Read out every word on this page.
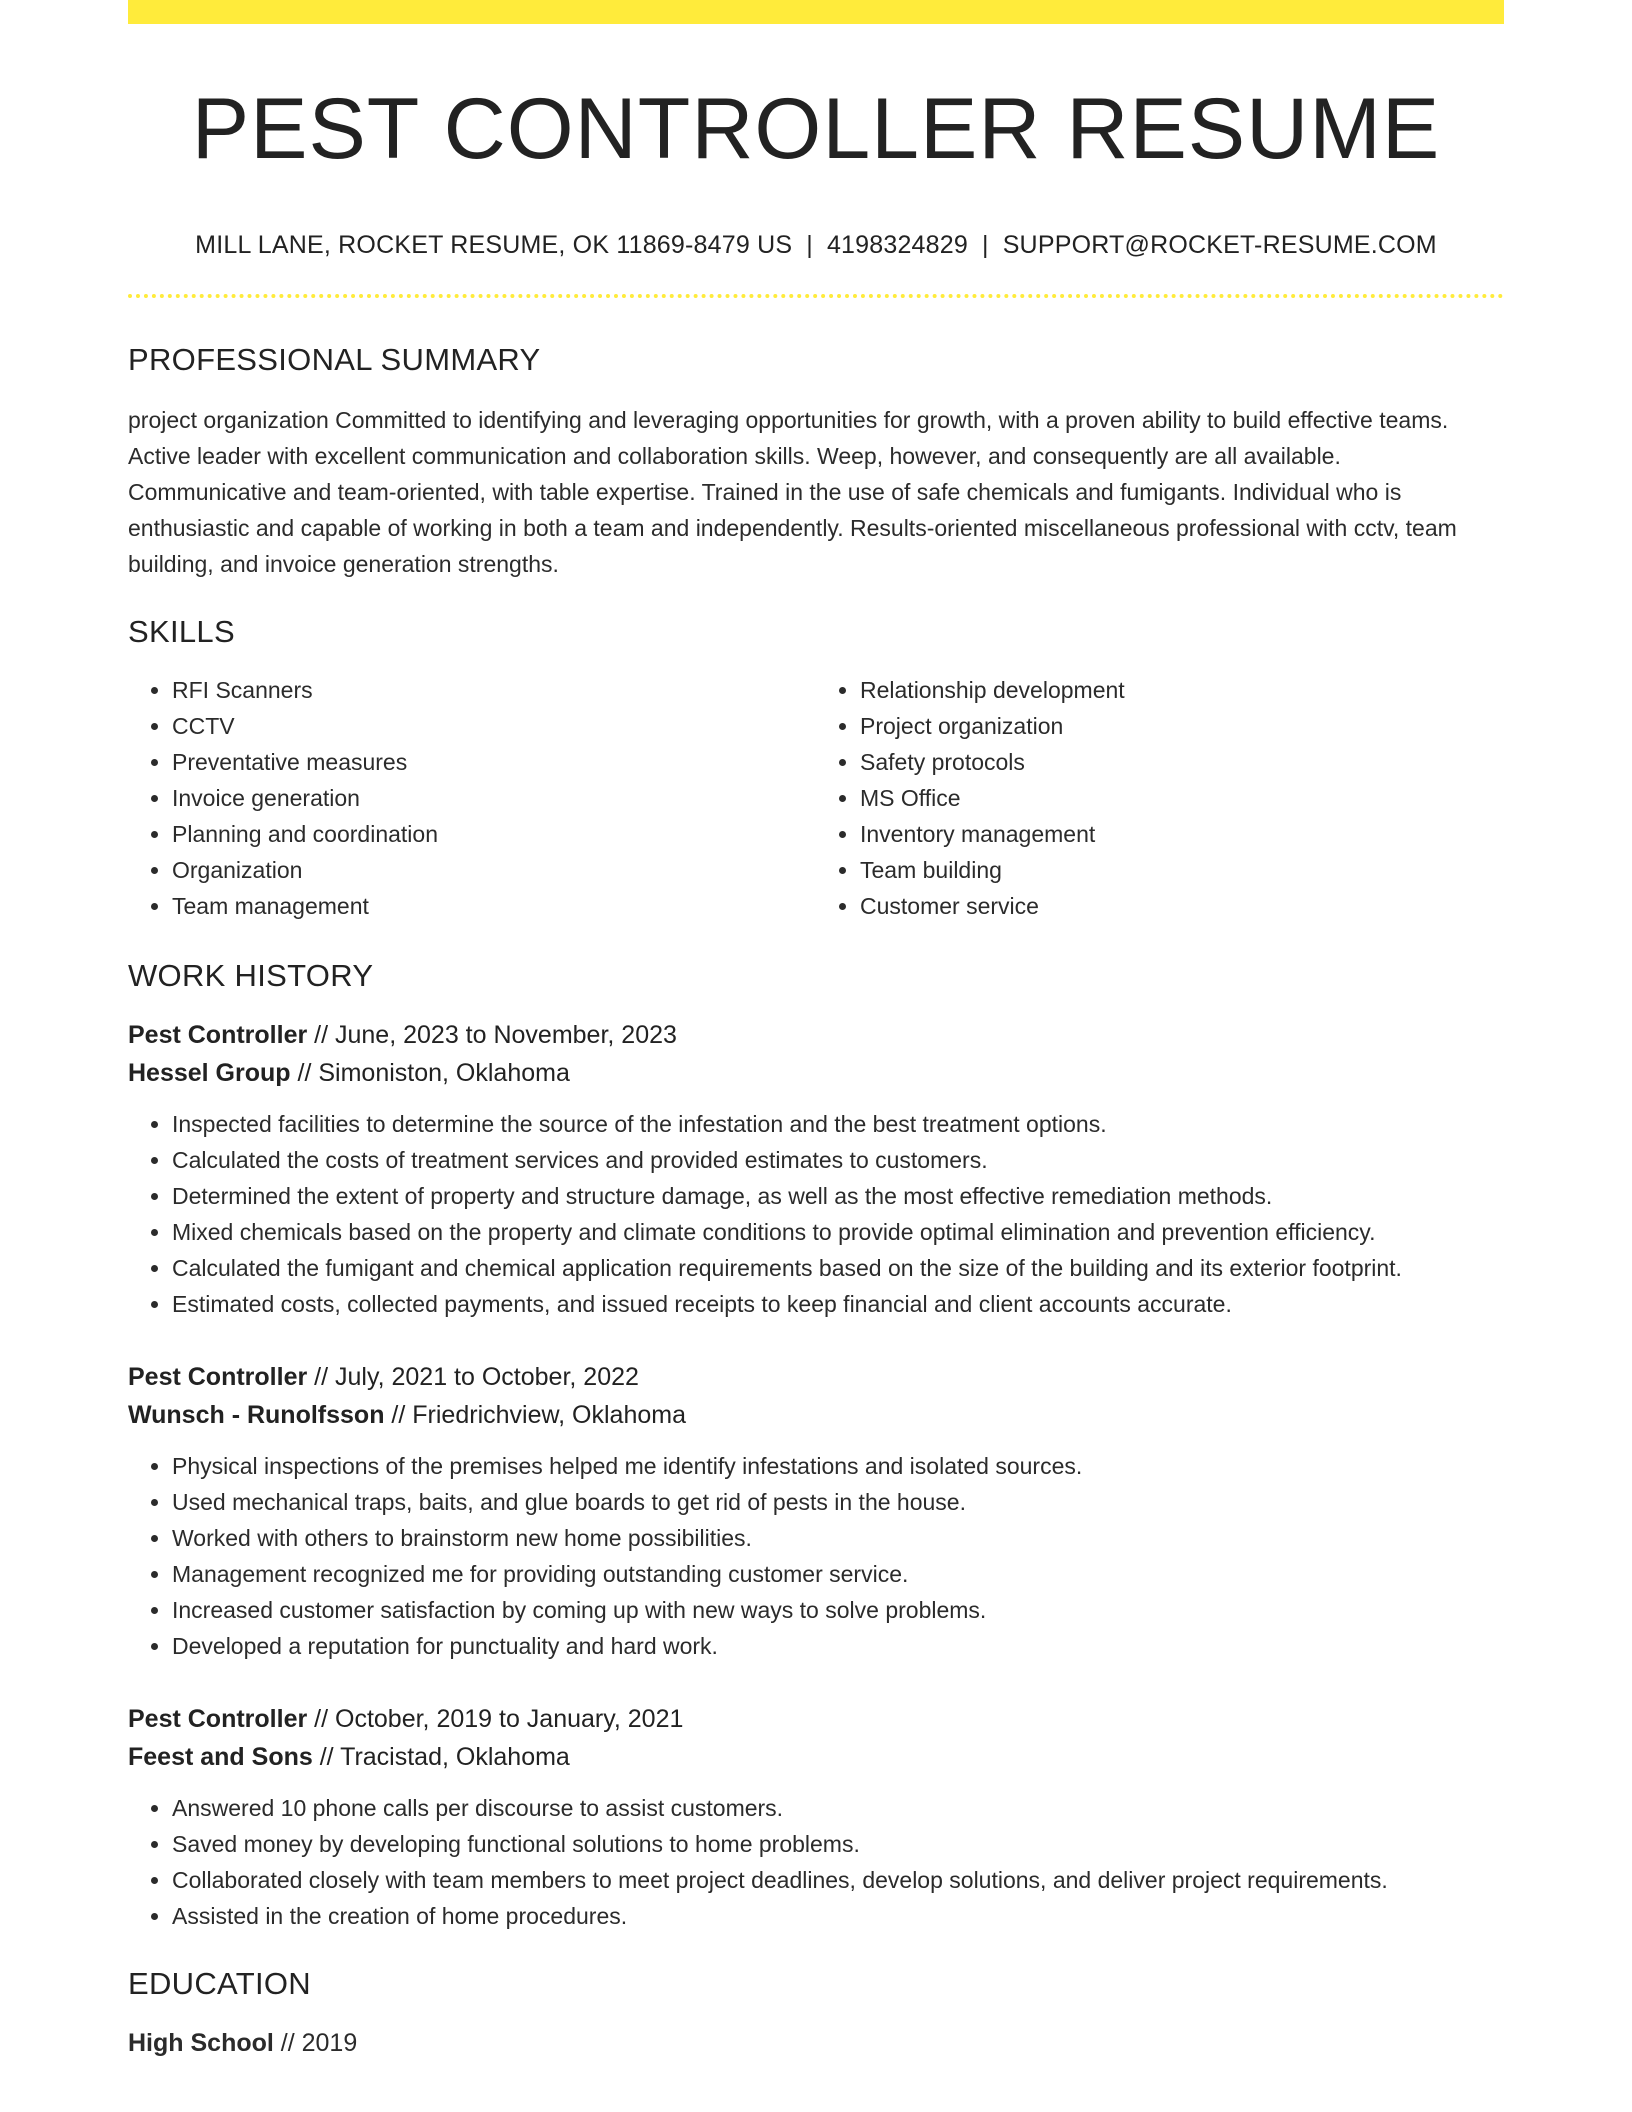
PEST CONTROLLER RESUME
MILL LANE, ROCKET RESUME, OK 11869-8479 US | 4198324829 | SUPPORT@ROCKET-RESUME.COM
PROFESSIONAL SUMMARY

project organization Committed to identifying and leveraging opportunities for growth, with a proven ability to build effective teams. Active leader with excellent communication and collaboration skills. Weep, however, and consequently are all available. Communicative and team-oriented, with table expertise. Trained in the use of safe chemicals and fumigants. Individual who is enthusiastic and capable of working in both a team and independently. Results-oriented miscellaneous professional with cctv, team building, and invoice generation strengths.

SKILLS
• RFI Scanners
• CCTV
• Preventative measures
• Invoice generation
• Planning and coordination
• Organization
• Team management
• Relationship development
• Project organization
• Safety protocols
• MS Office
• Inventory management
• Team building
• Customer service
WORK HISTORY
Pest Controller // June, 2023 to November, 2023
Hessel Group // Simoniston, Oklahoma
• Inspected facilities to determine the source of the infestation and the best treatment options.
• Calculated the costs of treatment services and provided estimates to customers.
• Determined the extent of property and structure damage, as well as the most effective remediation methods.
• Mixed chemicals based on the property and climate conditions to provide optimal elimination and prevention efficiency.
• Calculated the fumigant and chemical application requirements based on the size of the building and its exterior footprint.
• Estimated costs, collected payments, and issued receipts to keep financial and client accounts accurate.
Pest Controller // July, 2021 to October, 2022
Wunsch - Runolfsson // Friedrichview, Oklahoma
• Physical inspections of the premises helped me identify infestations and isolated sources.
• Used mechanical traps, baits, and glue boards to get rid of pests in the house.
• Worked with others to brainstorm new home possibilities.
• Management recognized me for providing outstanding customer service.
• Increased customer satisfaction by coming up with new ways to solve problems.
• Developed a reputation for punctuality and hard work.
Pest Controller // October, 2019 to January, 2021
Feest and Sons // Tracistad, Oklahoma
• Answered 10 phone calls per discourse to assist customers.
• Saved money by developing functional solutions to home problems.
• Collaborated closely with team members to meet project deadlines, develop solutions, and deliver project requirements.
• Assisted in the creation of home procedures.
EDUCATION
High School // 2019
